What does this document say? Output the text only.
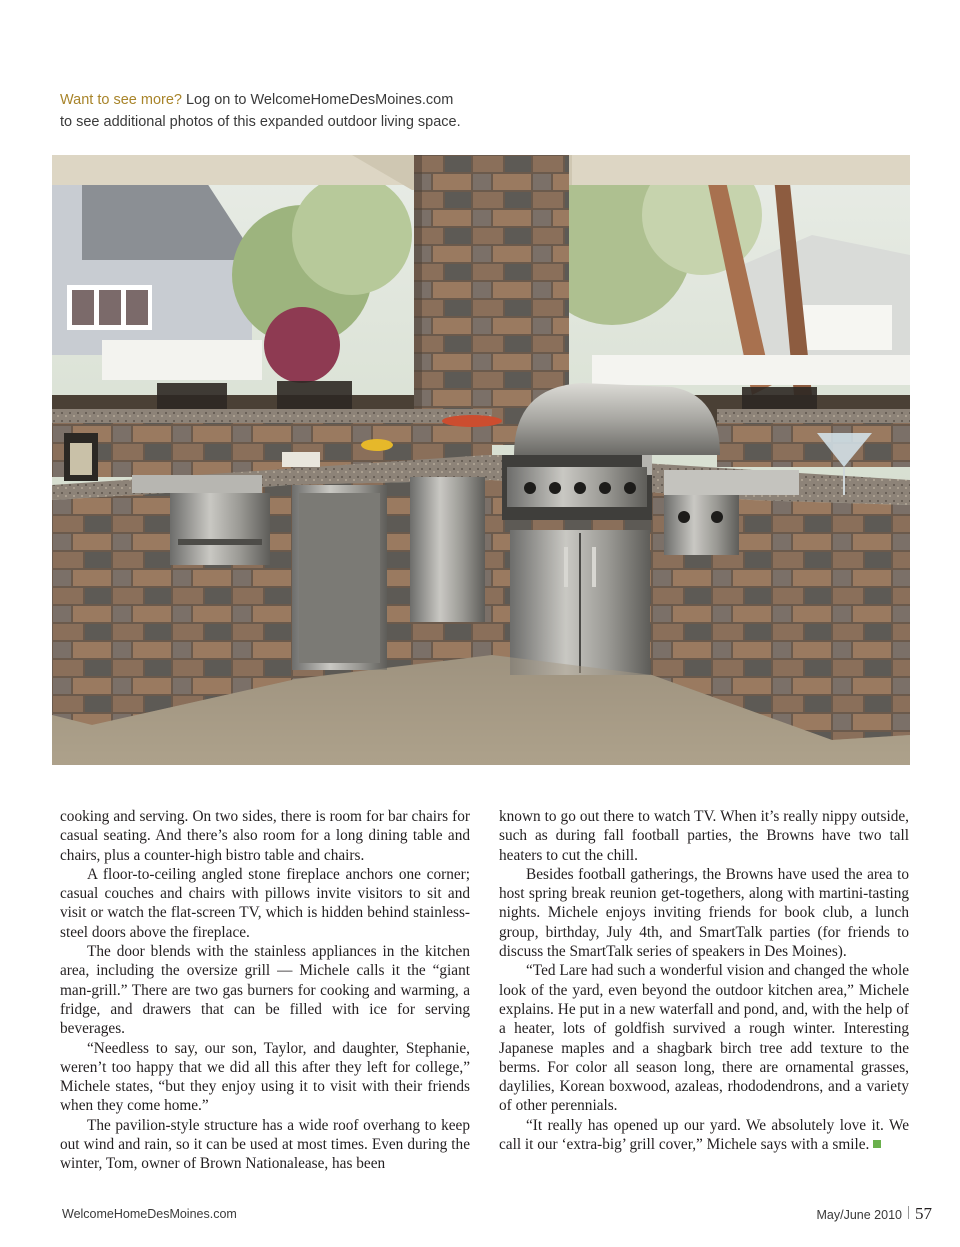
Want to see more? Log on to WelcomeHomeDesMoines.com
to see additional photos of this expanded outdoor living space.

cooking and serving. On two sides, there is room for bar chairs for casual seating. And there’s also room for a long dining table and chairs, plus a counter-high bistro table and chairs.

A floor-to-ceiling angled stone fireplace anchors one corner; casual couches and chairs with pillows invite visitors to sit and visit or watch the flat-screen TV, which is hidden behind stainless-steel doors above the fireplace.

The door blends with the stainless appliances in the kitchen area, including the oversize grill — Michele calls it the “giant man-grill.” There are two gas burners for cooking and warming, a fridge, and drawers that can be filled with ice for serving beverages.

“Needless to say, our son, Taylor, and daughter, Stephanie, weren’t too happy that we did all this after they left for college,” Michele states, “but they enjoy using it to visit with their friends when they come home.”

The pavilion-style structure has a wide roof overhang to keep out wind and rain, so it can be used at most times. Even during the winter, Tom, owner of Brown Nationalease, has been

known to go out there to watch TV. When it’s really nippy outside, such as during fall football parties, the Browns have two tall heaters to cut the chill.

Besides football gatherings, the Browns have used the area to host spring break reunion get-togethers, along with martini-tasting nights. Michele enjoys inviting friends for book club, a lunch group, birthday, July 4th, and SmartTalk parties (for friends to discuss the SmartTalk series of speakers in Des Moines).

“Ted Lare had such a wonderful vision and changed the whole look of the yard, even beyond the outdoor kitchen area,” Michele explains. He put in a new waterfall and pond, and, with the help of a heater, lots of goldfish survived a rough winter. Interesting Japanese maples and a shagbark birch tree add texture to the berms. For color all season long, there are ornamental grasses, daylilies, Korean boxwood, azaleas, rhododendrons, and a variety of other perennials.

“It really has opened up our yard. We absolutely love it. We call it our ‘extra-big’ grill cover,” Michele says with a smile.

WelcomeHomeDesMoines.com	May/June 2010 57
